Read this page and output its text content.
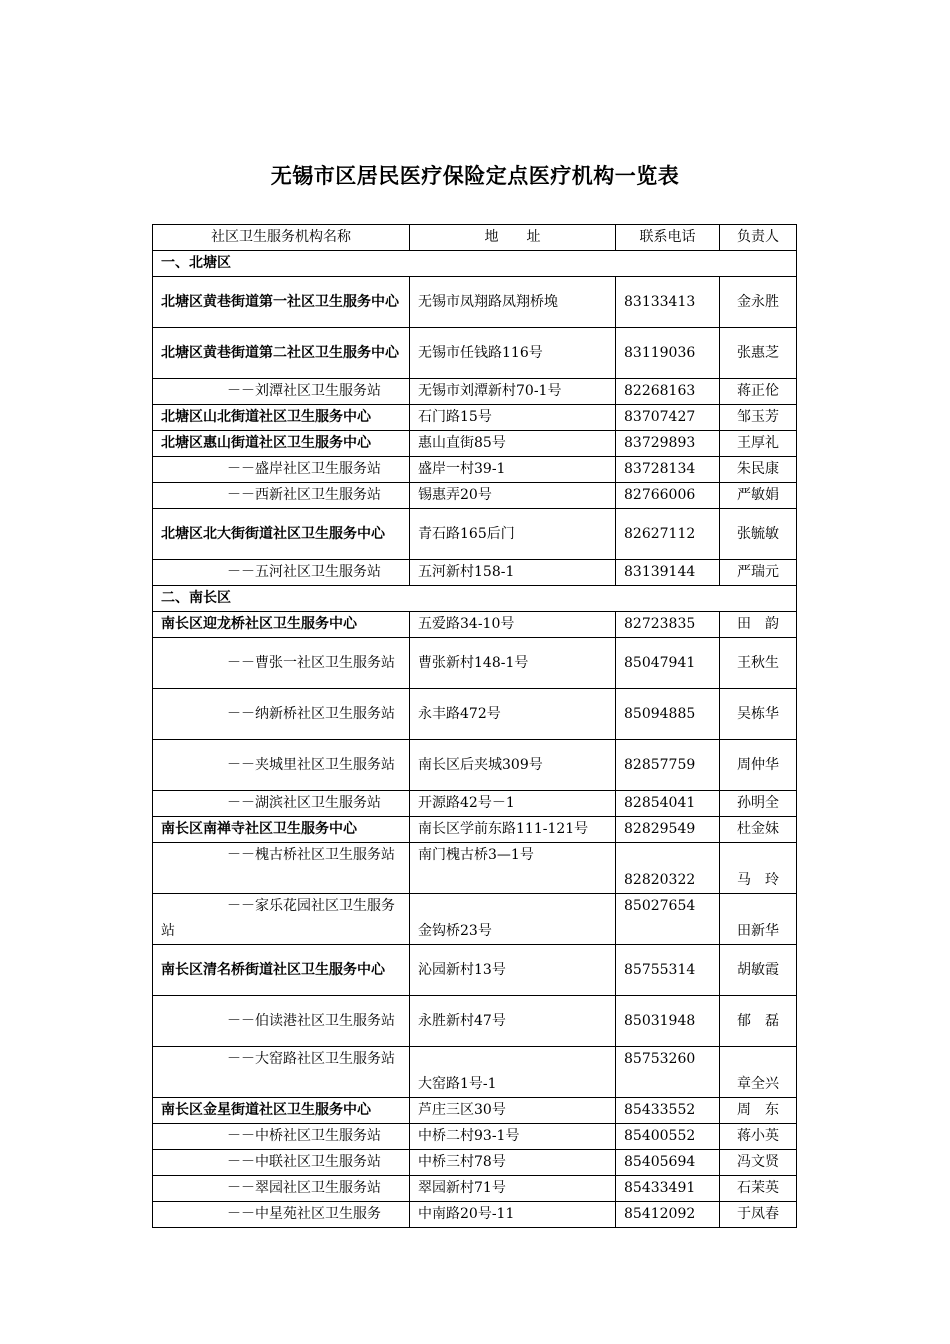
无锡市区居民医疗保险定点医疗机构一览表
社区卫生服务机构名称	地　　址	联系电话	负责人
一、北塘区			
北塘区黄巷街道第一社区卫生服务中心	无锡市凤翔路凤翔桥堍	83133413	金永胜
北塘区黄巷街道第二社区卫生服务中心	无锡市任钱路116号	83119036	张惠芝
－－刘潭社区卫生服务站	无锡市刘潭新村70-1号	82268163	蒋正伦
北塘区山北街道社区卫生服务中心	石门路15号	83707427	邹玉芳
北塘区惠山街道社区卫生服务中心	惠山直街85号	83729893	王厚礼
－－盛岸社区卫生服务站	盛岸一村39-1	83728134	朱民康
－－西新社区卫生服务站	锡惠弄20号	82766006	严敏娟
北塘区北大街街道社区卫生服务中心	青石路165后门	82627112	张毓敏
－－五河社区卫生服务站	五河新村158-1	83139144	严瑞元
二、南长区			
南长区迎龙桥社区卫生服务中心	五爱路34-10号	82723835	田　韵
－－曹张一社区卫生服务站	曹张新村148-1号	85047941	王秋生
－－纳新桥社区卫生服务站	永丰路472号	85094885	吴栋华
－－夹城里社区卫生服务站	南长区后夹城309号	82857759	周仲华
－－湖滨社区卫生服务站	开源路42号－1	82854041	孙明全
南长区南禅寺社区卫生服务中心	南长区学前东路111-121号	82829549	杜金妹
－－槐古桥社区卫生服务站	南门槐古桥3—1号	82820322	马　玲
－－家乐花园社区卫生服务站	金钩桥23号	85027654	田新华
南长区清名桥街道社区卫生服务中心	沁园新村13号	85755314	胡敏霞
－－伯读港社区卫生服务站	永胜新村47号	85031948	郁　磊
－－大窑路社区卫生服务站	大窑路1号-1	85753260	章全兴
南长区金星街道社区卫生服务中心	芦庄三区30号	85433552	周　东
－－中桥社区卫生服务站	中桥二村93-1号	85400552	蒋小英
－－中联社区卫生服务站	中桥三村78号	85405694	冯文贤
－－翠园社区卫生服务站	翠园新村71号	85433491	石茉英
－－中星苑社区卫生服务	中南路20号-11	85412092	于凤春
